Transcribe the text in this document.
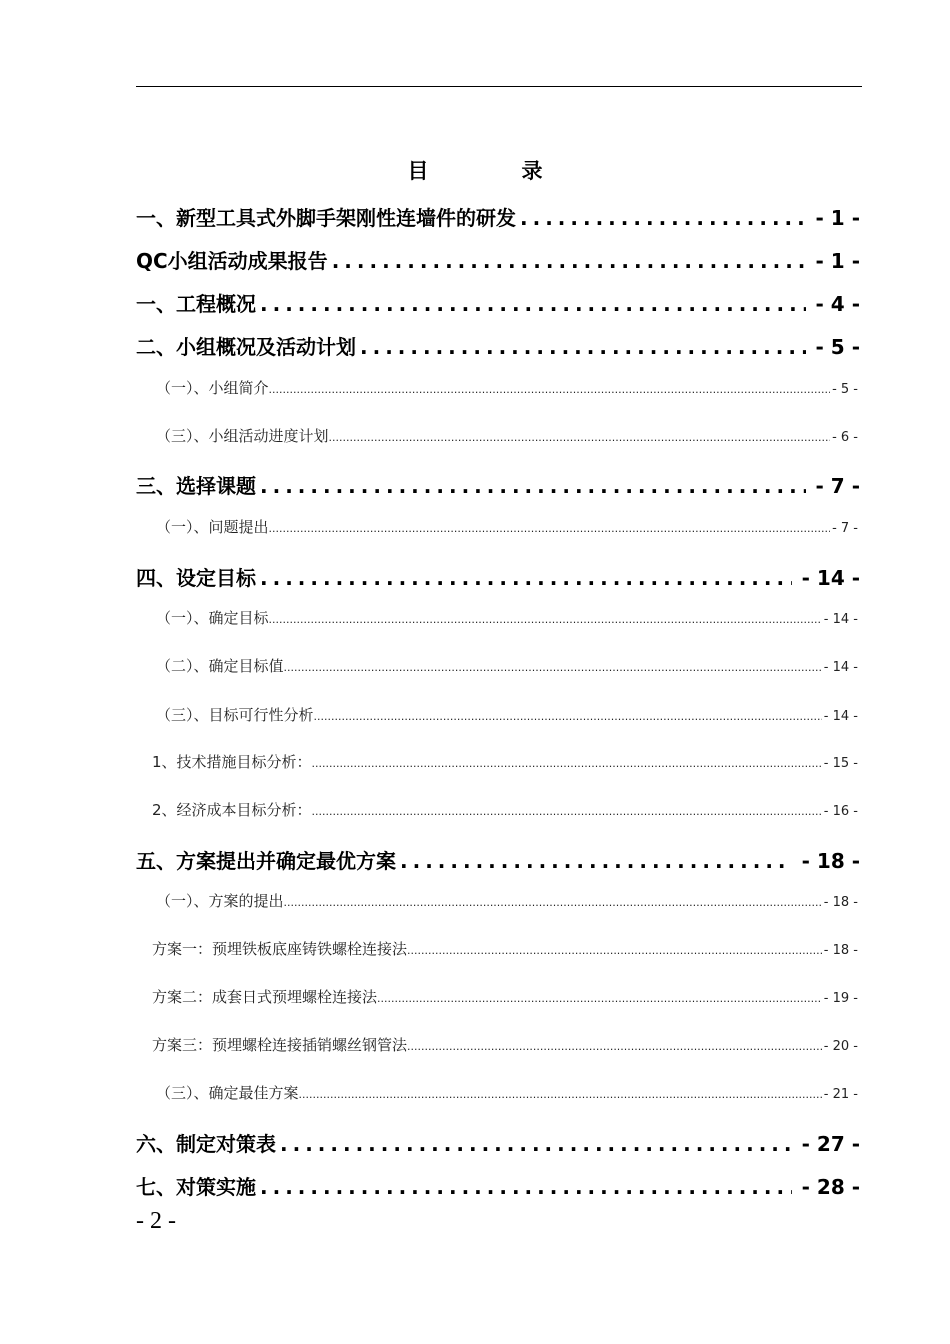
目　录
一、新型工具式外脚手架刚性连墙件的研发 .....	- 1 -
QC小组活动成果报告 .....	- 1 -
一、工程概况 .....	- 4 -
二、小组概况及活动计划 .....	- 5 -
（一）、小组简介 .....	- 5 -
（三）、小组活动进度计划 .....	- 6 -
三、选择课题 .....	- 7 -
（一）、问题提出 .....	- 7 -
四、设定目标 .....	- 14 -
（一）、确定目标 .....	- 14 -
（二）、确定目标值 .....	- 14 -
（三）、目标可行性分析 .....	- 14 -
1、技术措施目标分析： .....	- 15 -
2、经济成本目标分析： .....	- 16 -
五、方案提出并确定最优方案 .....	- 18 -
（一）、方案的提出 .....	- 18 -
方案一：预埋铁板底座铸铁螺栓连接法 .....	- 18 -
方案二：成套日式预埋螺栓连接法 .....	- 19 -
方案三：预埋螺栓连接插销螺丝钢管法 .....	- 20 -
（三）、确定最佳方案 .....	- 21 -
六、制定对策表 .....	- 27 -
七、对策实施 .....	- 28 -
- 2 -
